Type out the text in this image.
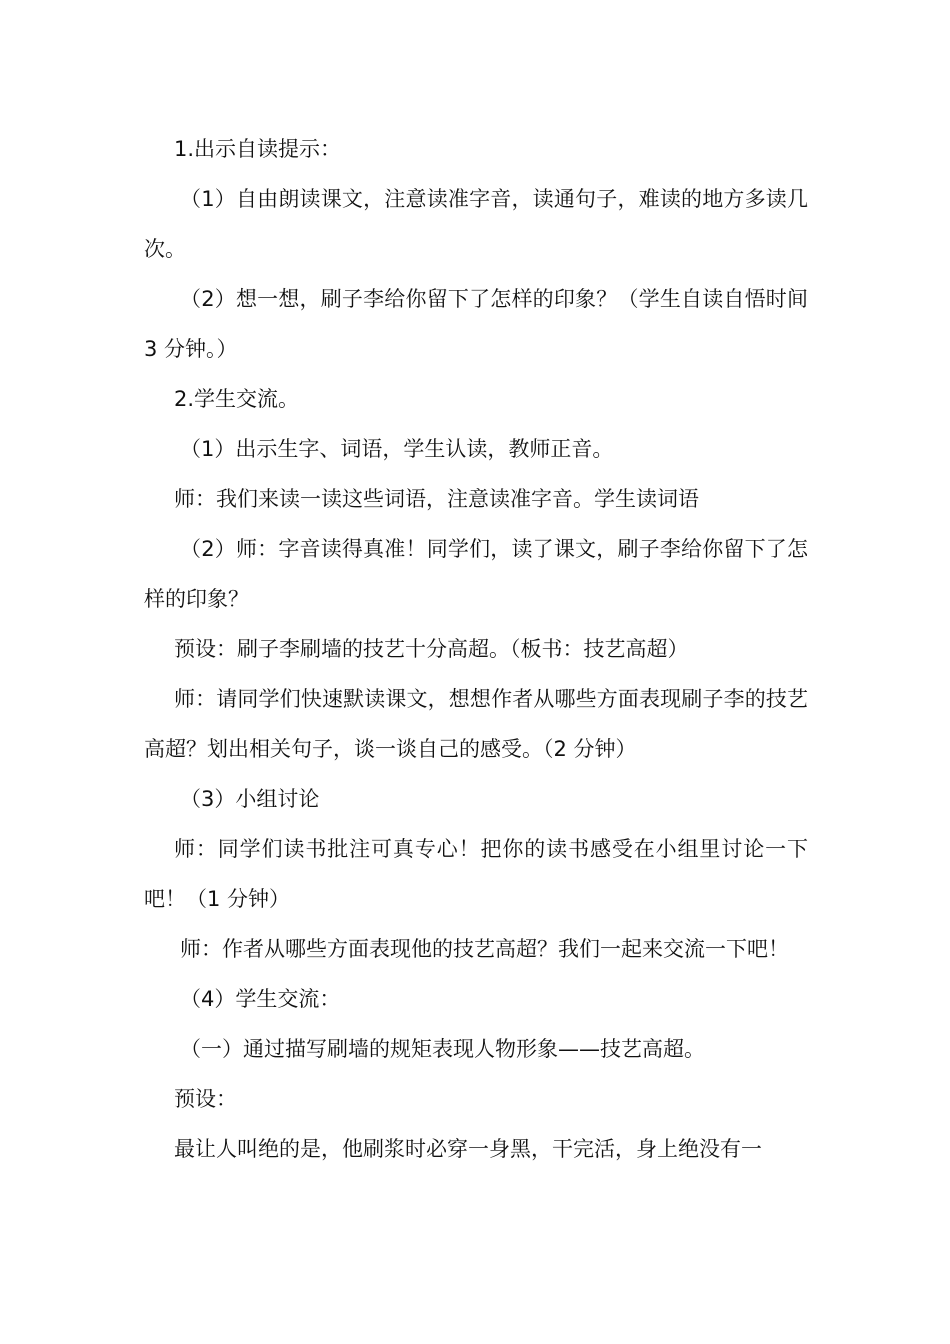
1.出示自读提示：

（1）自由朗读课文，注意读准字音，读通句子，难读的地方多读几次。

（2）想一想，刷子李给你留下了怎样的印象？（学生自读自悟时间 3 分钟。）

2.学生交流。

（1）出示生字、词语，学生认读，教师正音。

师：我们来读一读这些词语，注意读准字音。学生读词语

（2）师：字音读得真准！同学们，读了课文，刷子李给你留下了怎样的印象？

预设：刷子李刷墙的技艺十分高超。（板书：技艺高超）

师：请同学们快速默读课文，想想作者从哪些方面表现刷子李的技艺高超？划出相关句子，谈一谈自己的感受。（2 分钟）

（3）小组讨论

师：同学们读书批注可真专心！把你的读书感受在小组里讨论一下吧！（1 分钟）

师：作者从哪些方面表现他的技艺高超？我们一起来交流一下吧！

（4）学生交流：

（一）通过描写刷墙的规矩表现人物形象——技艺高超。

预设：

最让人叫绝的是，他刷浆时必穿一身黑，干完活，身上绝没有一
